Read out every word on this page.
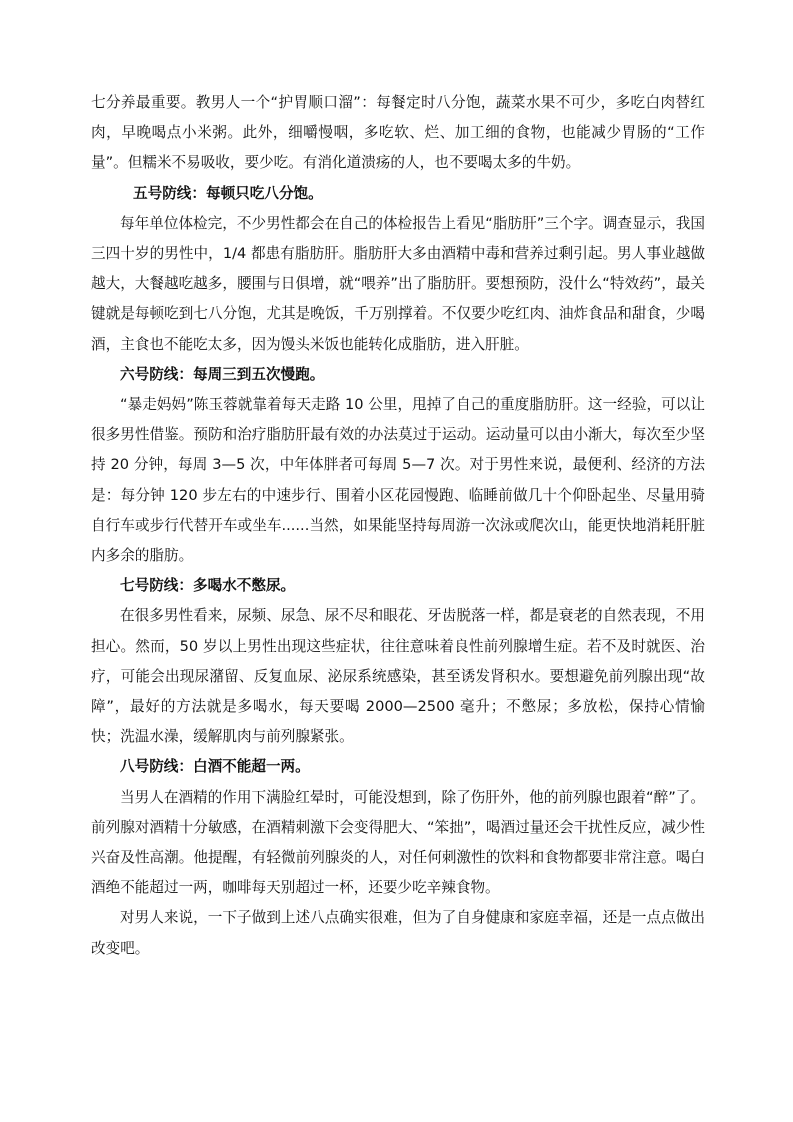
七分养最重要。教男人一个“护胃顺口溜”：每餐定时八分饱，蔬菜水果不可少，多吃白肉替红肉，早晚喝点小米粥。此外，细嚼慢咽，多吃软、烂、加工细的食物，也能减少胃肠的“工作量”。但糯米不易吸收，要少吃。有消化道溃疡的人，也不要喝太多的牛奶。

五号防线：每顿只吃八分饱。

每年单位体检完，不少男性都会在自己的体检报告上看见“脂肪肝”三个字。调查显示，我国三四十岁的男性中，1/4 都患有脂肪肝。脂肪肝大多由酒精中毒和营养过剩引起。男人事业越做越大，大餐越吃越多，腰围与日俱增，就“喂养”出了脂肪肝。要想预防，没什么“特效药”，最关键就是每顿吃到七八分饱，尤其是晚饭，千万别撑着。不仅要少吃红肉、油炸食品和甜食，少喝酒，主食也不能吃太多，因为馒头米饭也能转化成脂肪，进入肝脏。

六号防线：每周三到五次慢跑。

“暴走妈妈”陈玉蓉就靠着每天走路 10 公里，甩掉了自己的重度脂肪肝。这一经验，可以让很多男性借鉴。预防和治疗脂肪肝最有效的办法莫过于运动。运动量可以由小渐大，每次至少坚持 20 分钟，每周 3—5 次，中年体胖者可每周 5—7 次。对于男性来说，最便利、经济的方法是：每分钟 120 步左右的中速步行、围着小区花园慢跑、临睡前做几十个仰卧起坐、尽量用骑自行车或步行代替开车或坐车......当然，如果能坚持每周游一次泳或爬次山，能更快地消耗肝脏内多余的脂肪。

七号防线：多喝水不憋尿。

在很多男性看来，尿频、尿急、尿不尽和眼花、牙齿脱落一样，都是衰老的自然表现，不用担心。然而，50 岁以上男性出现这些症状，往往意味着良性前列腺增生症。若不及时就医、治疗，可能会出现尿潴留、反复血尿、泌尿系统感染，甚至诱发肾积水。要想避免前列腺出现“故障”，最好的方法就是多喝水，每天要喝 2000—2500 毫升；不憋尿；多放松，保持心情愉快；洗温水澡，缓解肌肉与前列腺紧张。

八号防线：白酒不能超一两。

当男人在酒精的作用下满脸红晕时，可能没想到，除了伤肝外，他的前列腺也跟着“醉”了。前列腺对酒精十分敏感，在酒精刺激下会变得肥大、“笨拙”，喝酒过量还会干扰性反应，减少性兴奋及性高潮。他提醒，有轻微前列腺炎的人，对任何刺激性的饮料和食物都要非常注意。喝白酒绝不能超过一两，咖啡每天别超过一杯，还要少吃辛辣食物。

对男人来说，一下子做到上述八点确实很难，但为了自身健康和家庭幸福，还是一点点做出改变吧。
